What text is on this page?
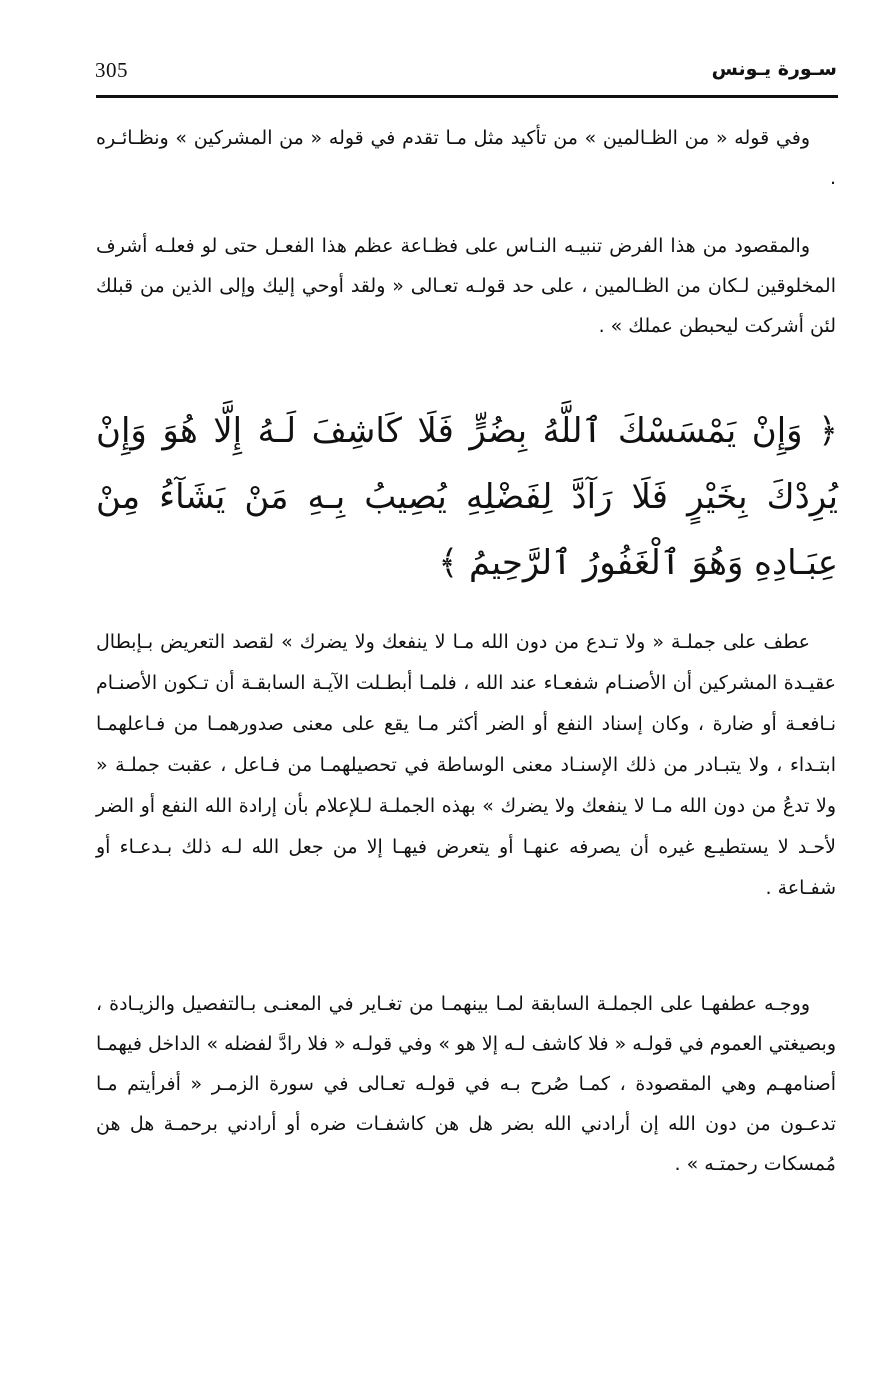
305	سـورة يـونس

وفي قوله « من الظـالمين » من تأكيد مثل مـا تقدم في قوله « من المشركين » ونظـائـره .

والمقصود من هذا الفرض تنبيـه النـاس على فظـاعة عظم هذا الفعـل حتى لو فعلـه أشرف المخلوقين لـكان من الظـالمين ، على حد قولـه تعـالى « ولقد أوحي إليك وإلى الذين من قبلك لئن أشركت ليحبطن عملك » .

﴿ وَإِنْ يَمْسَسْكَ ٱللَّهُ بِضُرٍّ فَلَا كَاشِفَ لَـهُ إِلَّا هُوَ وَإِنْ يُرِدْكَ بِخَيْرٍ فَلَا رَآدَّ لِفَضْلِهِ يُصِيبُ بِـهِ مَنْ يَشَآءُ مِنْ عِبَـادِهِ وَهُوَ ٱلْغَفُورُ ٱلرَّحِيمُ ﴾

عطف على جملـة « ولا تـدع من دون الله مـا لا ينفعك ولا يضرك » لقصد التعريض بـإبطال عقيـدة المشركين أن الأصنـام شفعـاء عند الله ، فلمـا أبطـلت الآيـة السابقـة أن تـكون الأصنـام نـافعـة أو ضارة ، وكان إسناد النفع أو الضر أكثر مـا يقع على معنى صدورهمـا من فـاعلهمـا ابتـداء ، ولا يتبـادر من ذلك الإسنـاد معنى الوساطة في تحصيلهمـا من فـاعل ، عقبت جملـة « ولا تدعُ من دون الله مـا لا ينفعك ولا يضرك » بهذه الجملـة لـلإعلام بأن إرادة الله النفع أو الضر لأحـد لا يستطيـع غيره أن يصرفه عنهـا أو يتعرض فيهـا إلا من جعل الله لـه ذلك بـدعـاء أو شفـاعة .

ووجـه عطفهـا على الجملـة السابقة لمـا بينهمـا من تغـاير في المعنـى بـالتفصيل والزيـادة ، وبصيغتي العموم في قولـه « فلا كاشف لـه إلا هو » وفي قولـه « فلا رادَّ لفضله » الداخل فيهمـا أصنامهـم وهي المقصودة ، كمـا صُرح بـه في قولـه تعـالى في سورة الزمـر « أفرأيتم مـا تدعـون من دون الله إن أرادني الله بضر هل هن كاشفـات ضره أو أرادني برحمـة هل هن مُمسكات رحمتـه » .
